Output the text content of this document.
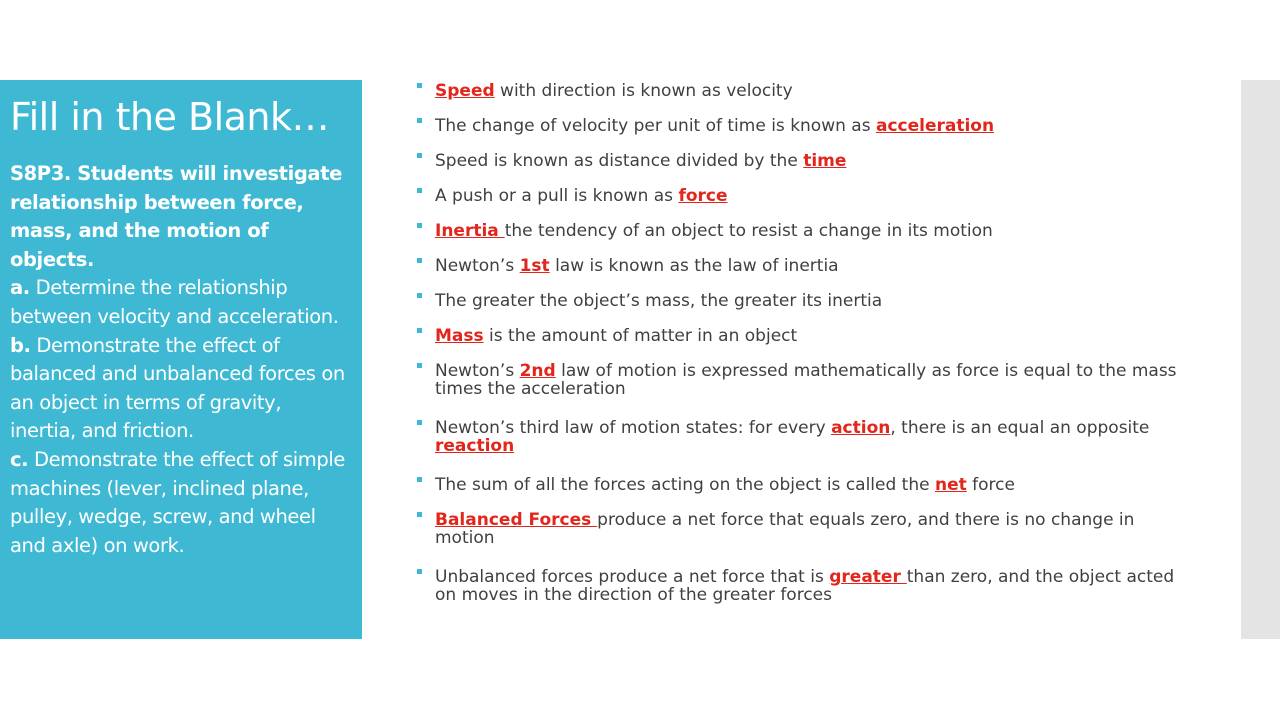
Fill in the Blank…
S8P3. Students will investigate relationship between force, mass, and the motion of objects.
a. Determine the relationship between velocity and acceleration.
b. Demonstrate the effect of balanced and unbalanced forces on an object in terms of gravity, inertia, and friction.
c. Demonstrate the effect of simple machines (lever, inclined plane, pulley, wedge, screw, and wheel and axle) on work.
Speed with direction is known as velocity
The change of velocity per unit of time is known as acceleration
Speed is known as distance divided by the time
A push or a pull is known as force
Inertia the tendency of an object to resist a change in its motion
Newton’s 1st law is known as the law of inertia
The greater the object’s mass, the greater its inertia
Mass is the amount of matter in an object
Newton’s 2nd law of motion is expressed mathematically as force is equal to the mass times the acceleration
Newton’s third law of motion states: for every action, there is an equal an opposite reaction
The sum of all the forces acting on the object is called the net force
Balanced Forces produce a net force that equals zero, and there is no change in motion
Unbalanced forces produce a net force that is greater than zero, and the object acted on moves in the direction of the greater forces
